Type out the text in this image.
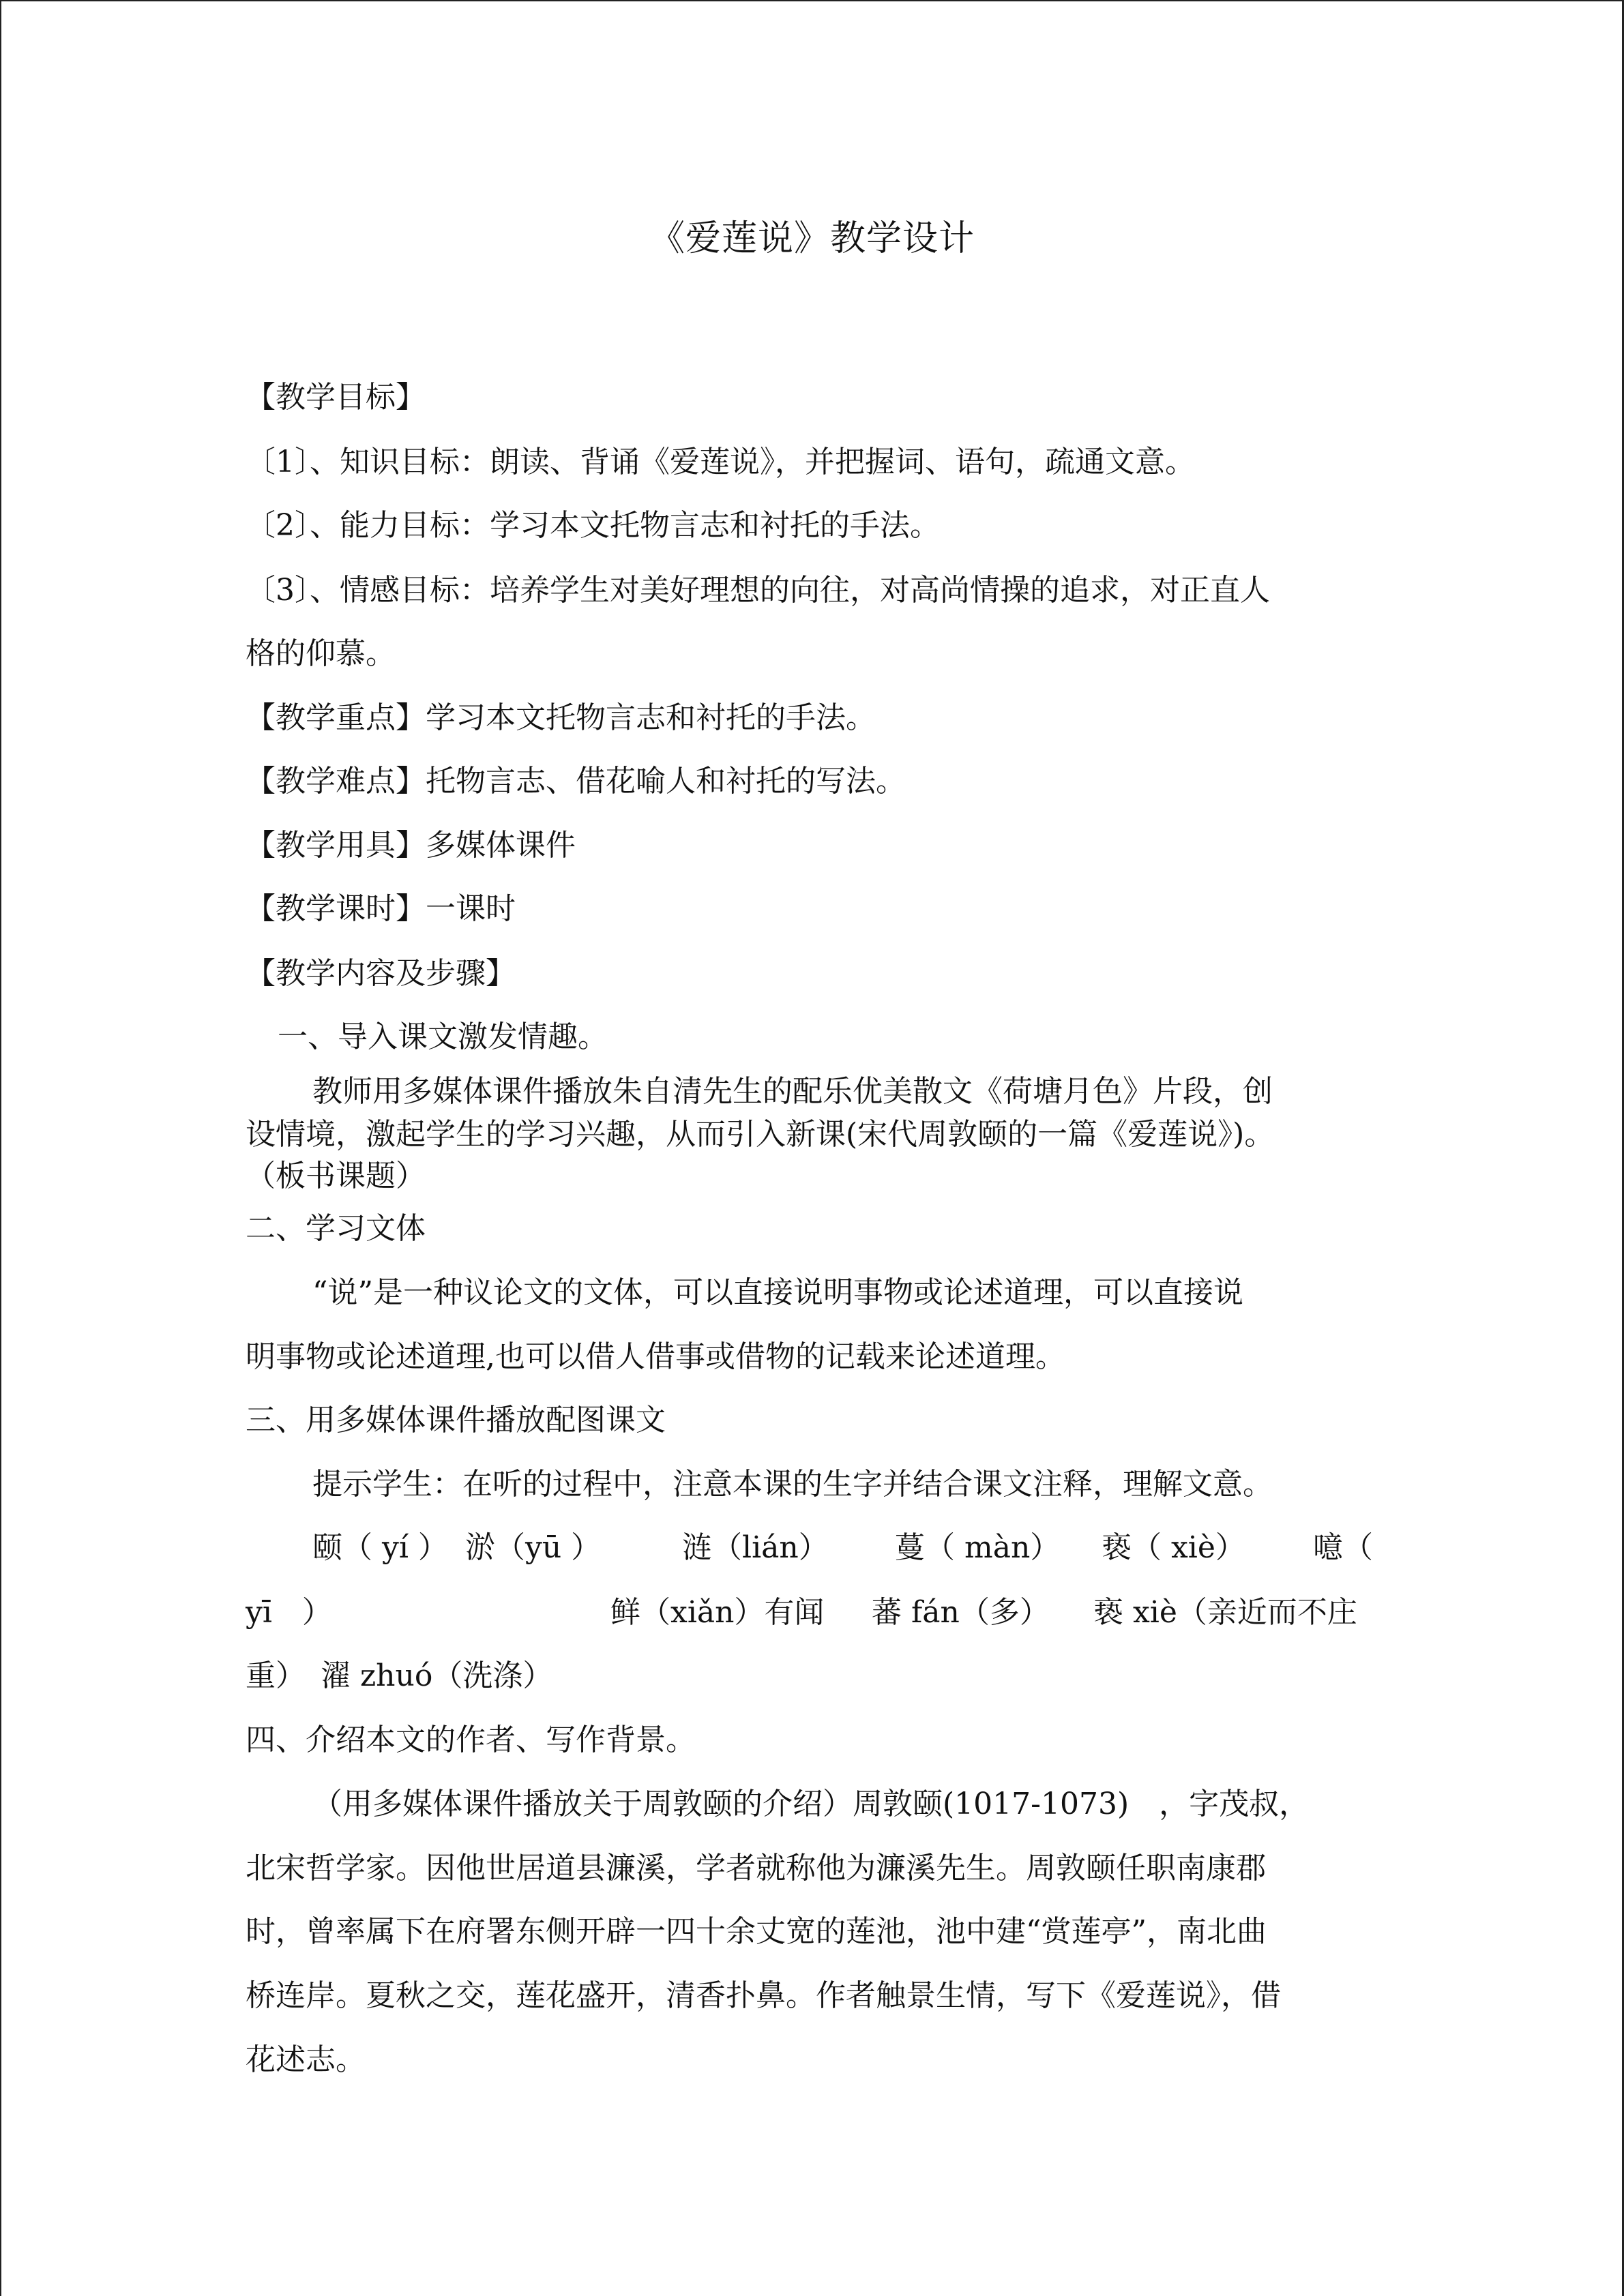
《爱莲说》教学设计
【教学目标】
〔1〕、知识目标：朗读、背诵《爱莲说》，并把握词、语句，疏通文意。
〔2〕、能力目标：学习本文托物言志和衬托的手法。
〔3〕、情感目标：培养学生对美好理想的向往，对高尚情操的追求，对正直人
格的仰慕。
【教学重点】学习本文托物言志和衬托的手法。
【教学难点】托物言志、借花喻人和衬托的写法。
【教学用具】多媒体课件
【教学课时】一课时
【教学内容及步骤】
一、导入课文激发情趣。
教师用多媒体课件播放朱自清先生的配乐优美散文《荷塘月色》片段，创
设情境，激起学生的学习兴趣，从而引入新课(宋代周敦颐的一篇《爱莲说》)。
（板书课题）
二、学习文体
“说”是一种议论文的文体，可以直接说明事物或论述道理，可以直接说
明事物或论述道理,也可以借人借事或借物的记载来论述道理。
三、用多媒体课件播放配图课文
提示学生：在听的过程中，注意本课的生字并结合课文注释，理解文意。
颐（ yí ） 淤（yū ）	涟（lián） 蔓（ màn） 亵（ xiè） 噫（
yī　）	鲜（xiǎn）有闻 蕃 fán（多） 亵 xiè（亲近而不庄
重）　濯 zhuó（洗涤）
四、介绍本文的作者、写作背景。
（用多媒体课件播放关于周敦颐的介绍）周敦颐(1017-1073)　，字茂叔，
北宋哲学家。因他世居道县濂溪，学者就称他为濂溪先生。周敦颐任职南康郡
时，曾率属下在府署东侧开辟一四十余丈宽的莲池，池中建“赏莲亭”，南北曲
桥连岸。夏秋之交，莲花盛开，清香扑鼻。作者触景生情，写下《爱莲说》，借
花述志。
